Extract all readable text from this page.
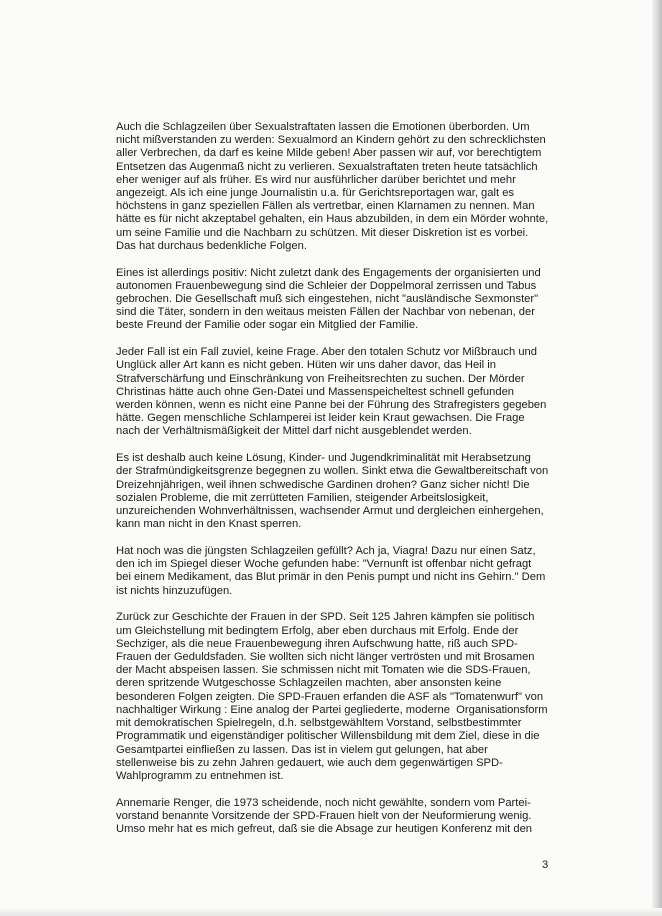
Auch die Schlagzeilen über Sexualstraftaten lassen die Emotionen überborden. Um
nicht mißverstanden zu werden: Sexualmord an Kindern gehört zu den schrecklichsten
aller Verbrechen, da darf es keine Milde geben! Aber passen wir auf, vor berechtigtem
Entsetzen das Augenmaß nicht zu verlieren. Sexualstraftaten treten heute tatsächlich
eher weniger auf als früher. Es wird nur ausführlicher darüber berichtet und mehr
angezeigt. Als ich eine junge Journalistin u.a. für Gerichtsreportagen war, galt es
höchstens in ganz speziellen Fällen als vertretbar, einen Klarnamen zu nennen. Man
hätte es für nicht akzeptabel gehalten, ein Haus abzubilden, in dem ein Mörder wohnte,
um seine Familie und die Nachbarn zu schützen. Mit dieser Diskretion ist es vorbei.
Das hat durchaus bedenkliche Folgen.

Eines ist allerdings positiv: Nicht zuletzt dank des Engagements der organisierten und
autonomen Frauenbewegung sind die Schleier der Doppelmoral zerrissen und Tabus
gebrochen. Die Gesellschaft muß sich eingestehen, nicht "ausländische Sexmonster"
sind die Täter, sondern in den weitaus meisten Fällen der Nachbar von nebenan, der
beste Freund der Familie oder sogar ein Mitglied der Familie.

Jeder Fall ist ein Fall zuviel, keine Frage. Aber den totalen Schutz vor Mißbrauch und
Unglück aller Art kann es nicht geben. Hüten wir uns daher davor, das Heil in
Strafverschärfung und Einschränkung von Freiheitsrechten zu suchen. Der Mörder
Christinas hätte auch ohne Gen-Datei und Massenspeicheltest schnell gefunden
werden können, wenn es nicht eine Panne bei der Führung des Strafregisters gegeben
hätte. Gegen menschliche Schlamperei ist leider kein Kraut gewachsen. Die Frage
nach der Verhältnismäßigkeit der Mittel darf nicht ausgeblendet werden.

Es ist deshalb auch keine Lösung, Kinder- und Jugendkriminalität mit Herabsetzung
der Strafmündigkeitsgrenze begegnen zu wollen. Sinkt etwa die Gewaltbereitschaft von
Dreizehnjährigen, weil ihnen schwedische Gardinen drohen? Ganz sicher nicht! Die
sozialen Probleme, die mit zerrütteten Familien, steigender Arbeitslosigkeit,
unzureichenden Wohnverhältnissen, wachsender Armut und dergleichen einhergehen,
kann man nicht in den Knast sperren.

Hat noch was die jüngsten Schlagzeilen gefüllt? Ach ja, Viagra! Dazu nur einen Satz,
den ich im Spiegel dieser Woche gefunden habe: "Vernunft ist offenbar nicht gefragt
bei einem Medikament, das Blut primär in den Penis pumpt und nicht ins Gehirn." Dem
ist nichts hinzuzufügen.

Zurück zur Geschichte der Frauen in der SPD. Seit 125 Jahren kämpfen sie politisch
um Gleichstellung mit bedingtem Erfolg, aber eben durchaus mit Erfolg. Ende der
Sechziger, als die neue Frauenbewegung ihren Aufschwung hatte, riß auch SPD-
Frauen der Geduldsfaden. Sie wollten sich nicht länger vertrösten und mit Brosamen
der Macht abspeisen lassen. Sie schmissen nicht mit Tomaten wie die SDS-Frauen,
deren spritzende Wutgeschosse Schlagzeilen machten, aber ansonsten keine
besonderen Folgen zeigten. Die SPD-Frauen erfanden die ASF als "Tomatenwurf" von
nachhaltiger Wirkung : Eine analog der Partei gegliederte, moderne  Organisationsform
mit demokratischen Spielregeln, d.h. selbstgewähltem Vorstand, selbstbestimmter
Programmatik und eigenständiger politischer Willensbildung mit dem Ziel, diese in die
Gesamtpartei einfließen zu lassen. Das ist in vielem gut gelungen, hat aber
stellenweise bis zu zehn Jahren gedauert, wie auch dem gegenwärtigen SPD-
Wahlprogramm zu entnehmen ist.

Annemarie Renger, die 1973 scheidende, noch nicht gewählte, sondern vom Partei-
vorstand benannte Vorsitzende der SPD-Frauen hielt von der Neuformierung wenig.
Umso mehr hat es mich gefreut, daß sie die Absage zur heutigen Konferenz mit den

3
